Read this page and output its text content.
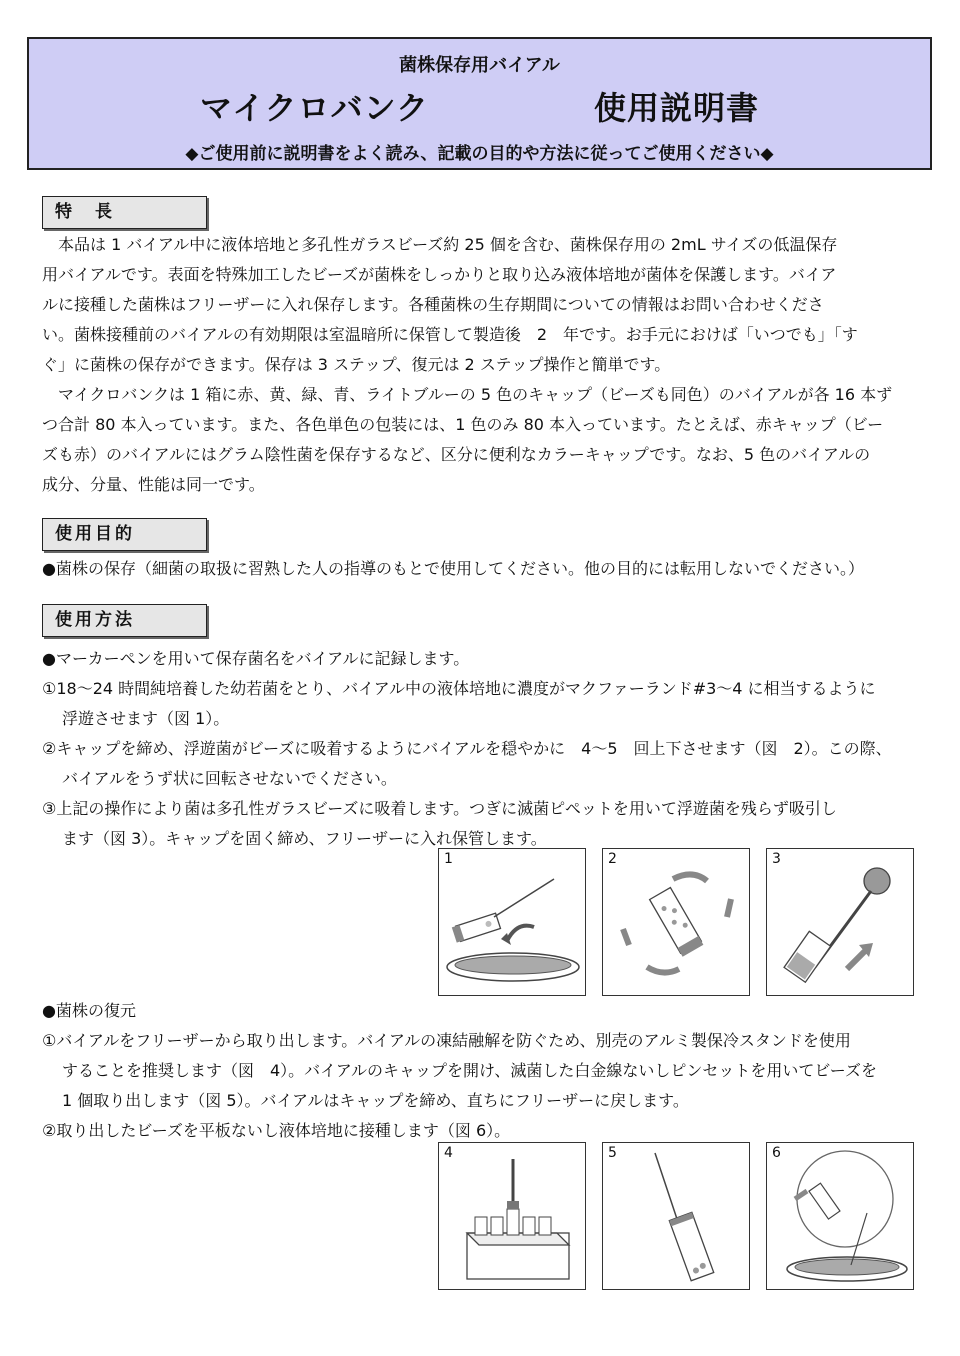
菌株保存用バイアル
マイクロバンク	使用説明書
◆ご使用前に説明書をよく読み、記載の目的や方法に従ってご使用ください◆
特　長
　本品は 1 バイアル中に液体培地と多孔性ガラスビーズ約 25 個を含む、菌株保存用の 2mL サイズの低温保存
用バイアルです。表面を特殊加工したビーズが菌株をしっかりと取り込み液体培地が菌体を保護します。バイア
ルに接種した菌株はフリーザーに入れ保存します。各種菌株の生存期間についての情報はお問い合わせくださ
い。菌株接種前のバイアルの有効期限は室温暗所に保管して製造後　2　年です。お手元におけば「いつでも」「す
ぐ」に菌株の保存ができます。保存は 3 ステップ、復元は 2 ステップ操作と簡単です。
　マイクロバンクは 1 箱に赤、黄、緑、青、ライトブルーの 5 色のキャップ（ビーズも同色）のバイアルが各 16 本ず
つ合計 80 本入っています。また、各色単色の包装には、1 色のみ 80 本入っています。たとえば、赤キャップ（ビー
ズも赤）のバイアルにはグラム陰性菌を保存するなど、区分に便利なカラーキャップです。なお、5 色のバイアルの
成分、分量、性能は同一です。
使用目的
●菌株の保存（細菌の取扱に習熟した人の指導のもとで使用してください。他の目的には転用しないでください。）
使用方法
●マーカーペンを用いて保存菌名をバイアルに記録します。
①18～24 時間純培養した幼若菌をとり、バイアル中の液体培地に濃度がマクファーランド#3～4 に相当するように
浮遊させます（図 1）。
②キャップを締め、浮遊菌がビーズに吸着するようにバイアルを穏やかに　4～5　回上下させます（図　2）。この際、
バイアルをうず状に回転させないでください。
③上記の操作により菌は多孔性ガラスビーズに吸着します。つぎに滅菌ピペットを用いて浮遊菌を残らず吸引し
ます（図 3）。キャップを固く締め、フリーザーに入れ保管します。
1	2	3
●菌株の復元
①バイアルをフリーザーから取り出します。バイアルの凍結融解を防ぐため、別売のアルミ製保冷スタンドを使用
することを推奨します（図　4）。バイアルのキャップを開け、滅菌した白金線ないしピンセットを用いてビーズを
1 個取り出します（図 5）。バイアルはキャップを締め、直ちにフリーザーに戻します。
②取り出したビーズを平板ないし液体培地に接種します（図 6）。
4	5	6
